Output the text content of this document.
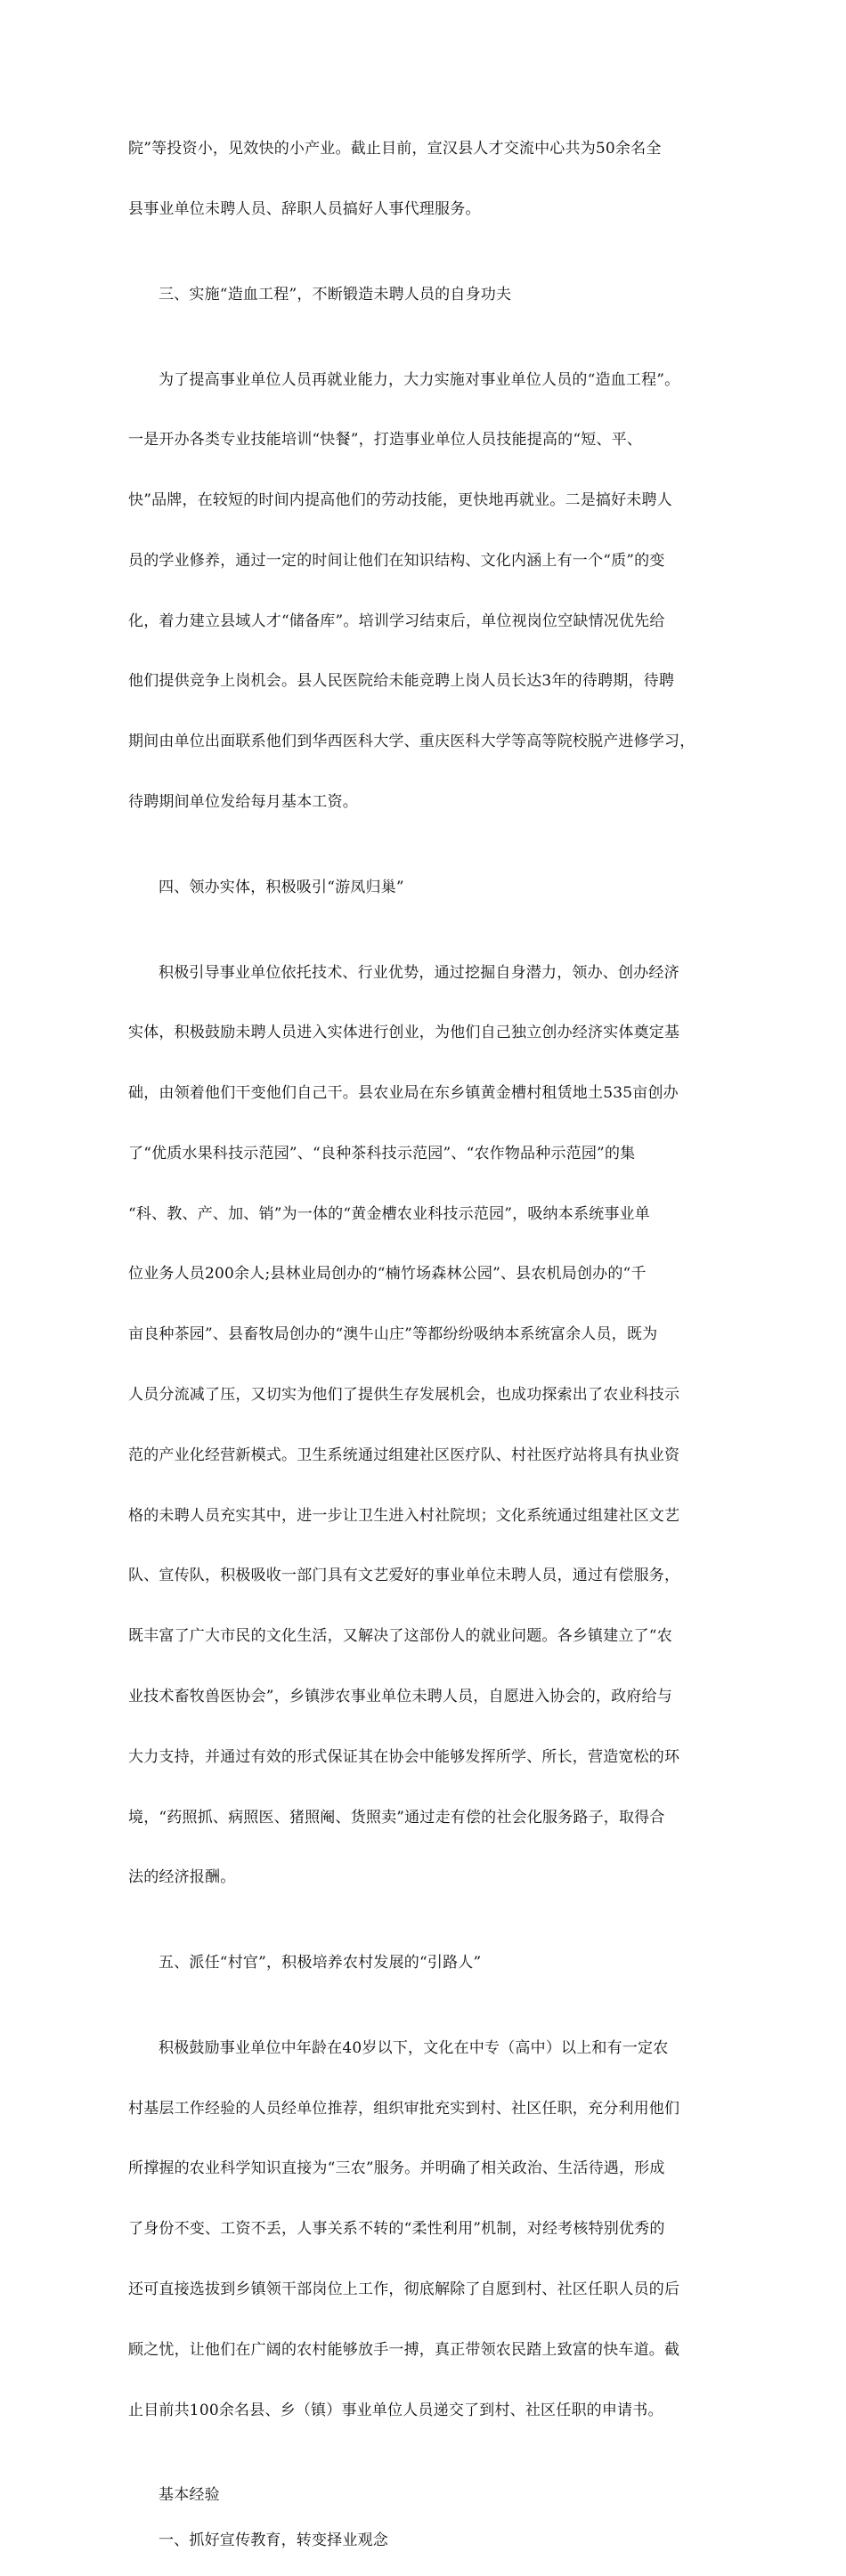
院”等投资小，见效快的小产业。截止目前，宣汉县人才交流中心共为50余名全

县事业单位未聘人员、辞职人员搞好人事代理服务。

三、实施“造血工程”，不断锻造未聘人员的自身功夫

为了提高事业单位人员再就业能力，大力实施对事业单位人员的“造血工程”。

一是开办各类专业技能培训“快餐”，打造事业单位人员技能提高的“短、平、

快”品牌，在较短的时间内提高他们的劳动技能，更快地再就业。二是搞好未聘人

员的学业修养，通过一定的时间让他们在知识结构、文化内涵上有一个“质”的变

化，着力建立县域人才“储备库”。培训学习结束后，单位视岗位空缺情况优先给

他们提供竞争上岗机会。县人民医院给未能竞聘上岗人员长达3年的待聘期，待聘

期间由单位出面联系他们到华西医科大学、重庆医科大学等高等院校脱产进修学习，

待聘期间单位发给每月基本工资。

四、领办实体，积极吸引“游凤归巢”

积极引导事业单位依托技术、行业优势，通过挖掘自身潜力，领办、创办经济

实体，积极鼓励未聘人员进入实体进行创业，为他们自己独立创办经济实体奠定基

础，由领着他们干变他们自己干。县农业局在东乡镇黄金槽村租赁地土535亩创办

了“优质水果科技示范园”、“良种茶科技示范园”、“农作物品种示范园”的集

“科、教、产、加、销”为一体的“黄金槽农业科技示范园”，吸纳本系统事业单

位业务人员200余人;县林业局创办的“楠竹场森林公园”、县农机局创办的“千

亩良种茶园”、县畜牧局创办的“澳牛山庄”等都纷纷吸纳本系统富余人员，既为

人员分流减了压，又切实为他们了提供生存发展机会，也成功探索出了农业科技示

范的产业化经营新模式。卫生系统通过组建社区医疗队、村社医疗站将具有执业资

格的未聘人员充实其中，进一步让卫生进入村社院坝；文化系统通过组建社区文艺

队、宣传队，积极吸收一部门具有文艺爱好的事业单位未聘人员，通过有偿服务，

既丰富了广大市民的文化生活，又解决了这部份人的就业问题。各乡镇建立了“农

业技术畜牧兽医协会”，乡镇涉农事业单位未聘人员，自愿进入协会的，政府给与

大力支持，并通过有效的形式保证其在协会中能够发挥所学、所长，营造宽松的环

境，“药照抓、病照医、猪照阉、货照卖”通过走有偿的社会化服务路子，取得合

法的经济报酬。

五、派任“村官”，积极培养农村发展的“引路人”

积极鼓励事业单位中年龄在40岁以下，文化在中专（高中）以上和有一定农

村基层工作经验的人员经单位推荐，组织审批充实到村、社区任职，充分利用他们

所撑握的农业科学知识直接为“三农”服务。并明确了相关政治、生活待遇，形成

了身份不变、工资不丢，人事关系不转的“柔性利用”机制，对经考核特别优秀的

还可直接选拔到乡镇领干部岗位上工作，彻底解除了自愿到村、社区任职人员的后

顾之忧，让他们在广阔的农村能够放手一搏，真正带领农民踏上致富的快车道。截

止目前共100余名县、乡（镇）事业单位人员递交了到村、社区任职的申请书。

基本经验
一、抓好宣传教育，转变择业观念
